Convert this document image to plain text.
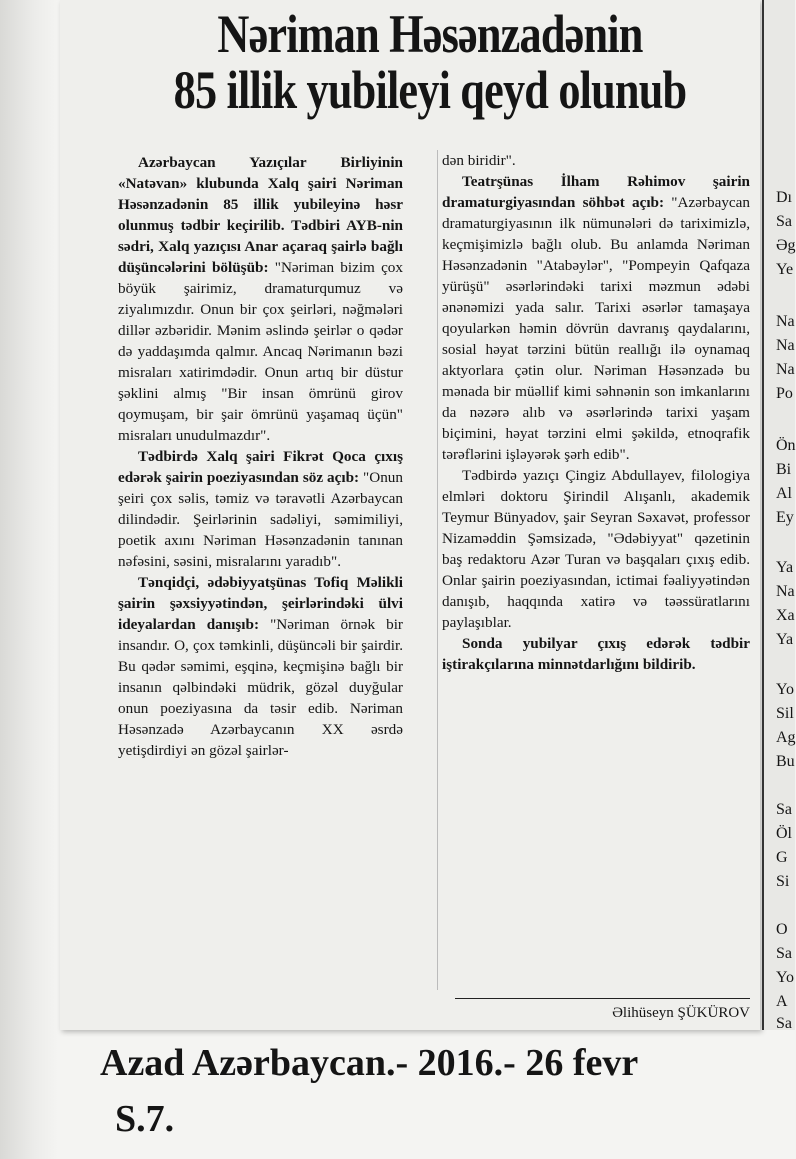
Dı
Sa
Əg
Ye
Na
Na
Na
Po
Ön
Bi
Al
Ey
Ya
Na
Xa
Ya
Yo
Sil
Ag
Bu
Sa
Öl
G
Si
O
Sa
Yo
A
Sa
Nəriman Həsənzadənin
85 illik yubileyi qeyd olunub

Azərbaycan Yazıçılar Birliyinin «Natəvan» klubunda Xalq şairi Nəriman Həsənzadənin 85 illik yubileyinə həsr olunmuş tədbir keçirilib. Tədbiri AYB-nin sədri, Xalq yazıçısı Anar açaraq şairlə bağlı düşüncələrini bölüşüb: "Nəriman bizim çox böyük şairimiz, dramaturqumuz və ziyalımızdır. Onun bir çox şeirləri, nəğmələri dillər əzbəridir. Mənim əslində şeirlər o qədər də yaddaşımda qalmır. Ancaq Nərimanın bəzi misraları xatirimdədir. Onun artıq bir düstur şəklini almış "Bir insan ömrünü girov qoymuşam, bir şair ömrünü yaşamaq üçün" misraları unudulmazdır".

Tədbirdə Xalq şairi Fikrət Qoca çıxış edərək şairin poeziyasından söz açıb: "Onun şeiri çox səlis, təmiz və təravətli Azərbaycan dilindədir. Şeirlərinin sadəliyi, səmimiliyi, poetik axını Nəriman Həsənzadənin tanınan nəfəsini, səsini, misralarını yaradıb".

Tənqidçi, ədəbiyyatşünas Tofiq Məlikli şairin şəxsiyyətindən, şeirlərindəki ülvi ideyalardan danışıb: "Nəriman örnək bir insandır. O, çox təmkinli, düşüncəli bir şairdir. Bu qədər səmimi, eşqinə, keçmişinə bağlı bir insanın qəlbindəki müdrik, gözəl duyğular onun poeziyasına da təsir edib. Nəriman Həsənzadə Azərbaycanın XX əsrdə yetişdirdiyi ən gözəl şairlər-

dən biridir".

Teatrşünas İlham Rəhimov şairin dramaturgiyasından söhbət açıb: "Azərbaycan dramaturgiyasının ilk nümunələri də tariximizlə, keçmişimizlə bağlı olub. Bu anlamda Nəriman Həsənzadənin "Atabəylər", "Pompeyin Qafqaza yürüşü" əsərlərindəki tarixi məzmun ədəbi ənənəmizi yada salır. Tarixi əsərlər tamaşaya qoyularkən həmin dövrün davranış qaydalarını, sosial həyat tərzini bütün reallığı ilə oynamaq aktyorlara çətin olur. Nəriman Həsənzadə bu mənada bir müəllif kimi səhnənin son imkanlarını da nəzərə alıb və əsərlərində tarixi yaşam biçimini, həyat tərzini elmi şəkildə, etnoqrafik tərəflərini işləyərək şərh edib".

Tədbirdə yazıçı Çingiz Abdullayev, filologiya elmləri doktoru Şirindil Alışanlı, akademik Teymur Bünyadov, şair Seyran Səxavət, professor Nizaməddin Şəmsizadə, "Ədəbiyyat" qəzetinin baş redaktoru Azər Turan və başqaları çıxış edib. Onlar şairin poeziyasından, ictimai fəaliyyətindən danışıb, haqqında xatirə və təəssüratlarını paylaşıblar.

Sonda yubilyar çıxış edərək tədbir iştirakçılarına minnətdarlığını bildirib.

Əlihüseyn ŞÜKÜROV
Azad Azərbaycan.- 2016.- 26 fevr
S.7.
